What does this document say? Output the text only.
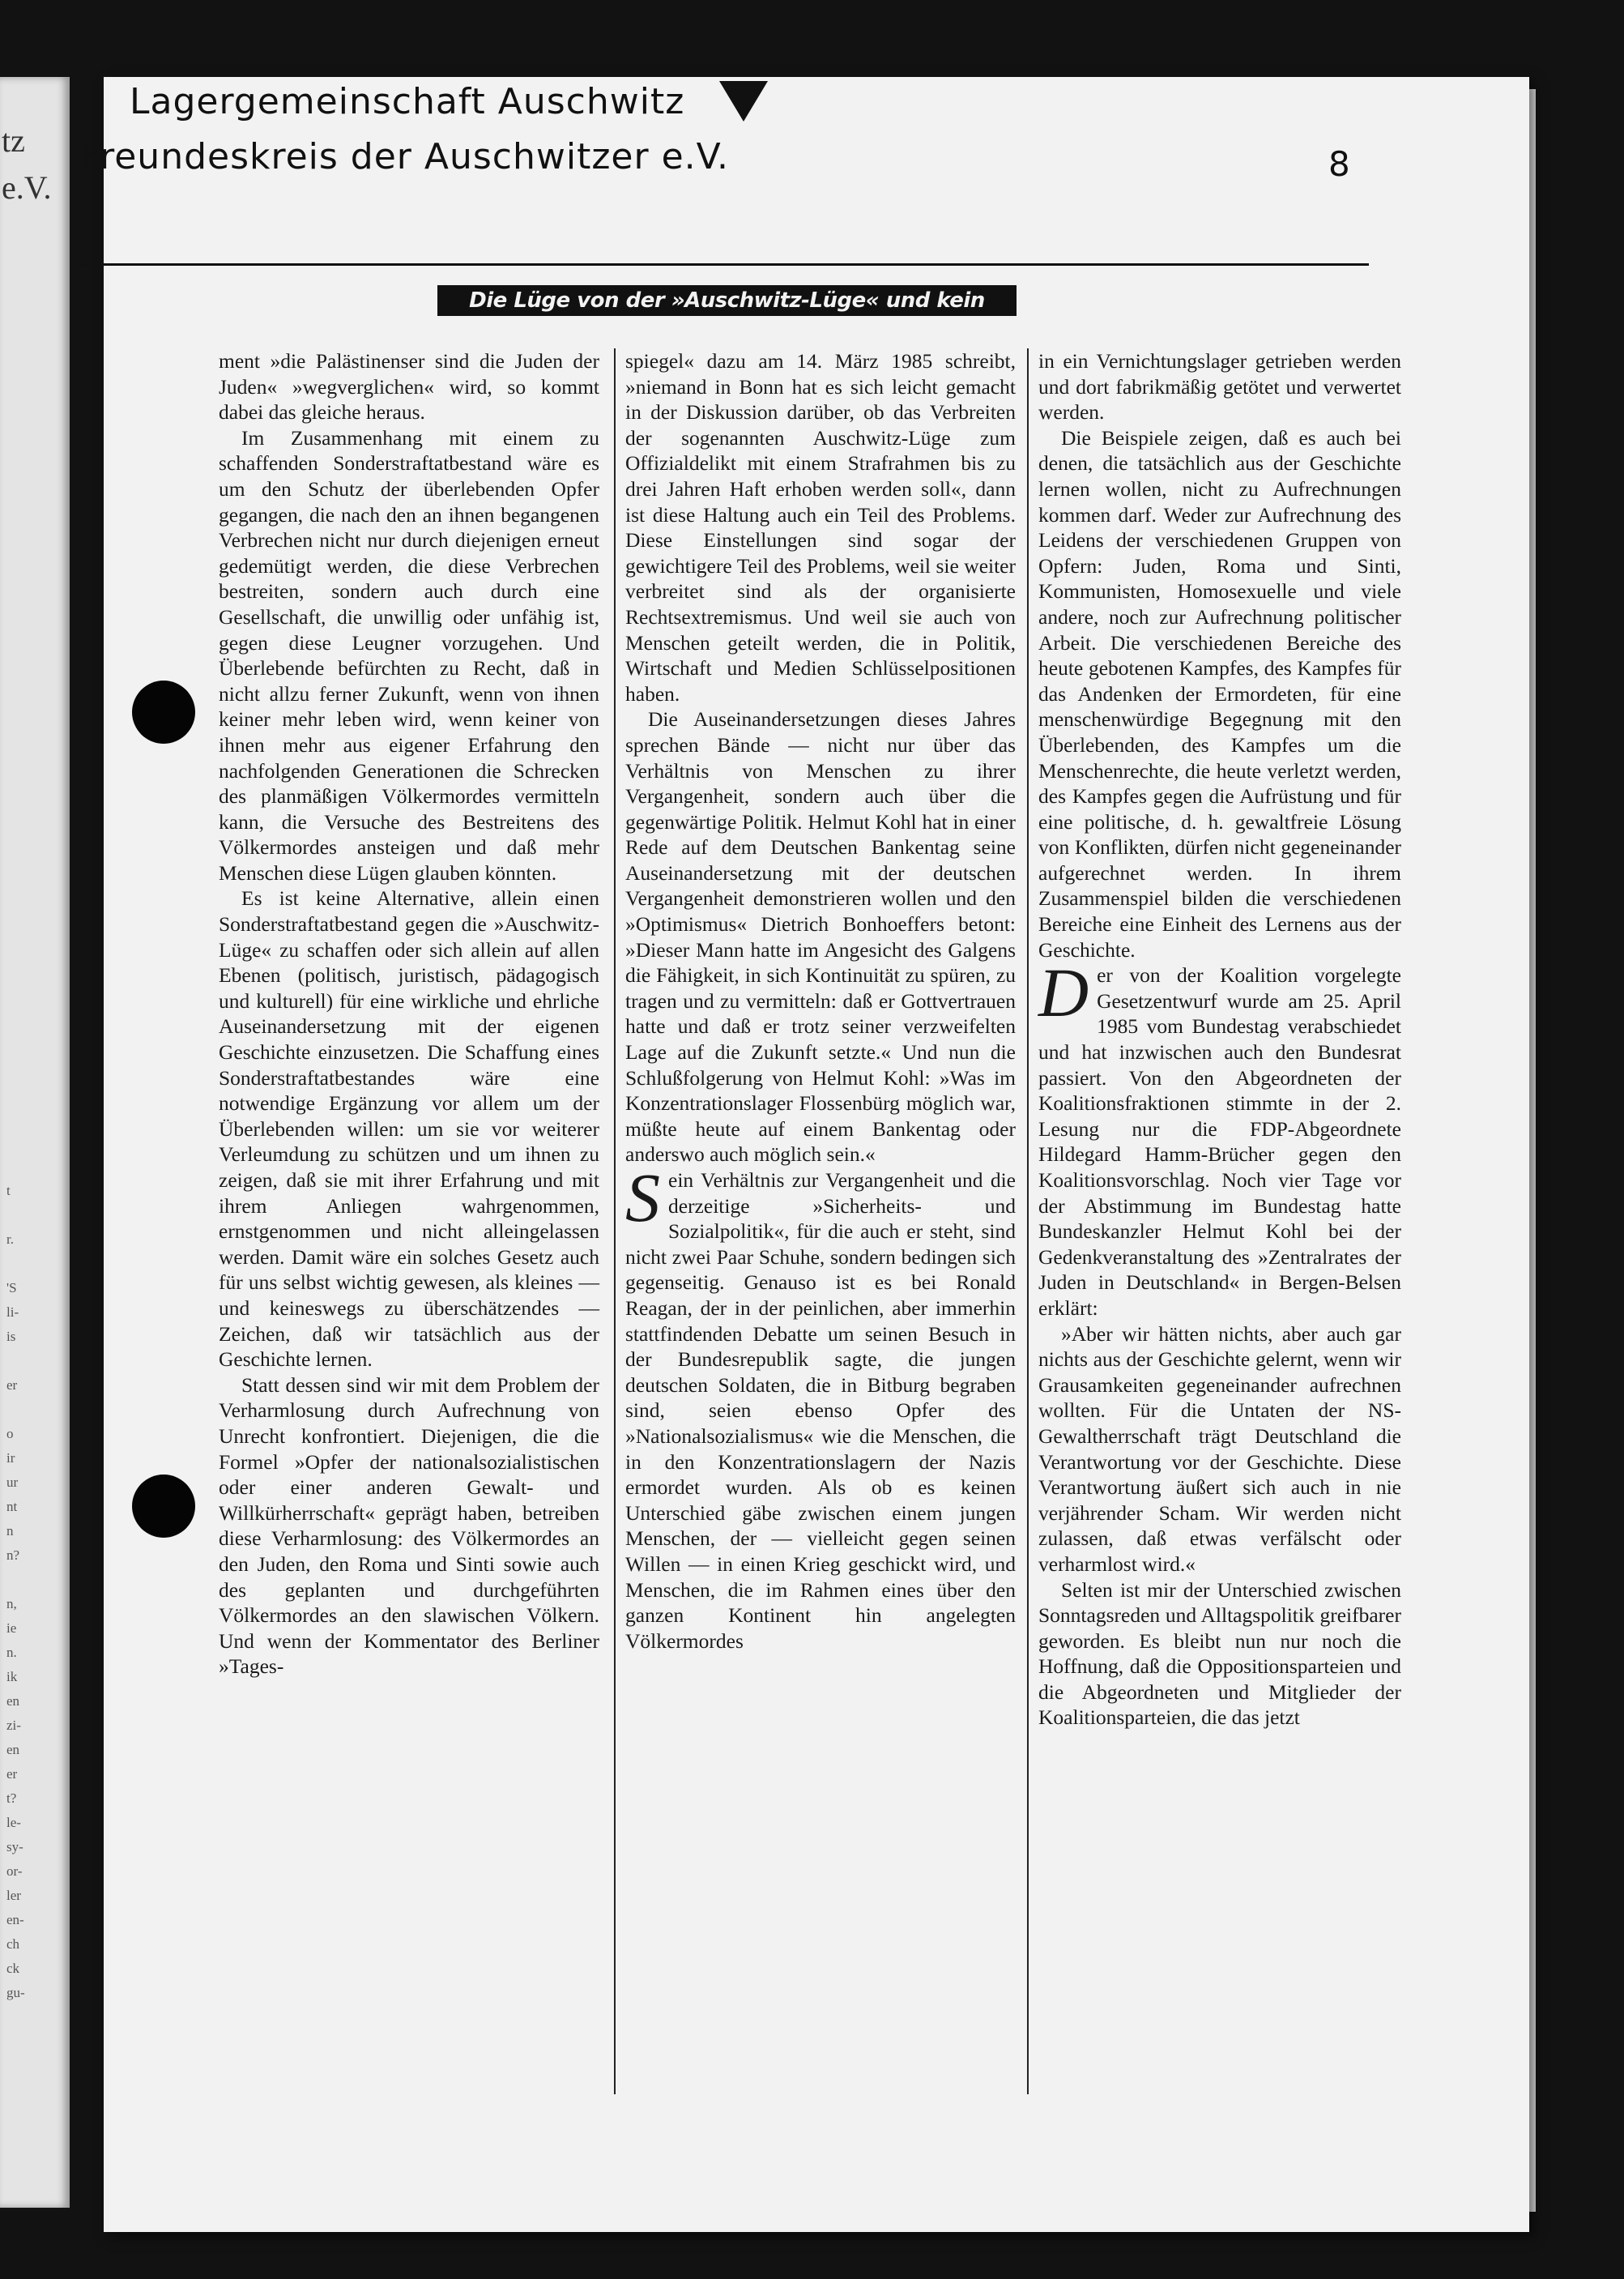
tz
e.V.
t

r.

'S
li-
is

er

o
ir
ur
nt
n
n?

n,
ie
n.
ik
en
zi-
en
er
t?
le-
sy-
or-
ler
en-
ch
ck
gu-
Lagergemeinschaft Auschwitz
Freundeskreis der Auschwitzer e.V.	8
Die Lüge von der »Auschwitz-Lüge« und kein Ende

ment »die Palästinenser sind die Juden der Juden« »wegverglichen« wird, so kommt dabei das gleiche heraus.

Im Zusammenhang mit einem zu schaffenden Sonderstraftatbestand wäre es um den Schutz der überlebenden Opfer gegangen, die nach den an ihnen begangenen Verbrechen nicht nur durch diejenigen erneut gedemütigt werden, die diese Verbrechen bestreiten, sondern auch durch eine Gesellschaft, die unwillig oder unfähig ist, gegen diese Leugner vorzugehen. Und Überlebende befürchten zu Recht, daß in nicht allzu ferner Zukunft, wenn von ihnen keiner mehr leben wird, wenn keiner von ihnen mehr aus eigener Erfahrung den nachfolgenden Generationen die Schrecken des planmäßigen Völkermordes vermitteln kann, die Versuche des Bestreitens des Völkermordes ansteigen und daß mehr Menschen diese Lügen glauben könnten.

Es ist keine Alternative, allein einen Sonderstraftatbestand gegen die »Auschwitz-Lüge« zu schaffen oder sich allein auf allen Ebenen (politisch, juristisch, pädagogisch und kulturell) für eine wirkliche und ehrliche Auseinandersetzung mit der eigenen Geschichte einzusetzen. Die Schaffung eines Sonderstraftatbestandes wäre eine notwendige Ergänzung vor allem um der Überlebenden willen: um sie vor weiterer Verleumdung zu schützen und um ihnen zu zeigen, daß sie mit ihrer Erfahrung und mit ihrem Anliegen wahrgenommen, ernstgenommen und nicht alleingelassen werden. Damit wäre ein solches Gesetz auch für uns selbst wichtig gewesen, als kleines — und keineswegs zu überschätzendes — Zeichen, daß wir tatsächlich aus der Geschichte lernen.

Statt dessen sind wir mit dem Problem der Verharmlosung durch Aufrechnung von Unrecht konfrontiert. Diejenigen, die die Formel »Opfer der nationalsozialistischen oder einer anderen Gewalt- und Willkürherrschaft« geprägt haben, betreiben diese Verharmlosung: des Völkermordes an den Juden, den Roma und Sinti sowie auch des geplanten und durchgeführten Völkermordes an den slawischen Völkern. Und wenn der Kommentator des Berliner »Tages-

spiegel« dazu am 14. März 1985 schreibt, »niemand in Bonn hat es sich leicht gemacht in der Diskussion darüber, ob das Verbreiten der sogenannten Auschwitz-Lüge zum Offizialdelikt mit einem Strafrahmen bis zu drei Jahren Haft erhoben werden soll«, dann ist diese Haltung auch ein Teil des Problems. Diese Einstellungen sind sogar der gewichtigere Teil des Problems, weil sie weiter verbreitet sind als der organisierte Rechtsextremismus. Und weil sie auch von Menschen geteilt werden, die in Politik, Wirtschaft und Medien Schlüsselpositionen haben.

Die Auseinandersetzungen dieses Jahres sprechen Bände — nicht nur über das Verhältnis von Menschen zu ihrer Vergangenheit, sondern auch über die gegenwärtige Politik. Helmut Kohl hat in einer Rede auf dem Deutschen Bankentag seine Auseinandersetzung mit der deutschen Vergangenheit demonstrieren wollen und den »Optimismus« Dietrich Bonhoeffers betont: »Dieser Mann hatte im Angesicht des Galgens die Fähigkeit, in sich Kontinuität zu spüren, zu tragen und zu vermitteln: daß er Gottvertrauen hatte und daß er trotz seiner verzweifelten Lage auf die Zukunft setzte.« Und nun die Schlußfolgerung von Helmut Kohl: »Was im Konzentrationslager Flossenbürg möglich war, müßte heute auf einem Bankentag oder anderswo auch möglich sein.«

Sein Verhältnis zur Vergangenheit und die derzeitige »Sicherheits- und Sozialpolitik«, für die auch er steht, sind nicht zwei Paar Schuhe, sondern bedingen sich gegenseitig. Genauso ist es bei Ronald Reagan, der in der peinlichen, aber immerhin stattfindenden Debatte um seinen Besuch in der Bundesrepublik sagte, die jungen deutschen Soldaten, die in Bitburg begraben sind, seien ebenso Opfer des »Nationalsozialismus« wie die Menschen, die in den Konzentrationslagern der Nazis ermordet wurden. Als ob es keinen Unterschied gäbe zwischen einem jungen Menschen, der — vielleicht gegen seinen Willen — in einen Krieg geschickt wird, und Menschen, die im Rahmen eines über den ganzen Kontinent hin angelegten Völkermordes

in ein Vernichtungslager getrieben werden und dort fabrikmäßig getötet und verwertet werden.

Die Beispiele zeigen, daß es auch bei denen, die tatsächlich aus der Geschichte lernen wollen, nicht zu Aufrechnungen kommen darf. Weder zur Aufrechnung des Leidens der verschiedenen Gruppen von Opfern: Juden, Roma und Sinti, Kommunisten, Homosexuelle und viele andere, noch zur Aufrechnung politischer Arbeit. Die verschiedenen Bereiche des heute gebotenen Kampfes, des Kampfes für das Andenken der Ermordeten, für eine menschenwürdige Begegnung mit den Überlebenden, des Kampfes um die Menschenrechte, die heute verletzt werden, des Kampfes gegen die Aufrüstung und für eine politische, d. h. gewaltfreie Lösung von Konflikten, dürfen nicht gegeneinander aufgerechnet werden. In ihrem Zusammenspiel bilden die verschiedenen Bereiche eine Einheit des Lernens aus der Geschichte.

Der von der Koalition vorgelegte Gesetzentwurf wurde am 25. April 1985 vom Bundestag verabschiedet und hat inzwischen auch den Bundesrat passiert. Von den Abgeordneten der Koalitionsfraktionen stimmte in der 2. Lesung nur die FDP-Abgeordnete Hildegard Hamm-Brücher gegen den Koalitionsvorschlag. Noch vier Tage vor der Abstimmung im Bundestag hatte Bundeskanzler Helmut Kohl bei der Gedenkveranstaltung des »Zentralrates der Juden in Deutschland« in Bergen-Belsen erklärt:

»Aber wir hätten nichts, aber auch gar nichts aus der Geschichte gelernt, wenn wir Grausamkeiten gegeneinander aufrechnen wollten. Für die Untaten der NS-Gewaltherrschaft trägt Deutschland die Verantwortung vor der Geschichte. Diese Verantwortung äußert sich auch in nie verjährender Scham. Wir werden nicht zulassen, daß etwas verfälscht oder verharmlost wird.«

Selten ist mir der Unterschied zwischen Sonntagsreden und Alltagspolitik greifbarer geworden. Es bleibt nun nur noch die Hoffnung, daß die Oppositionsparteien und die Abgeordneten und Mitglieder der Koalitionsparteien, die das jetzt
